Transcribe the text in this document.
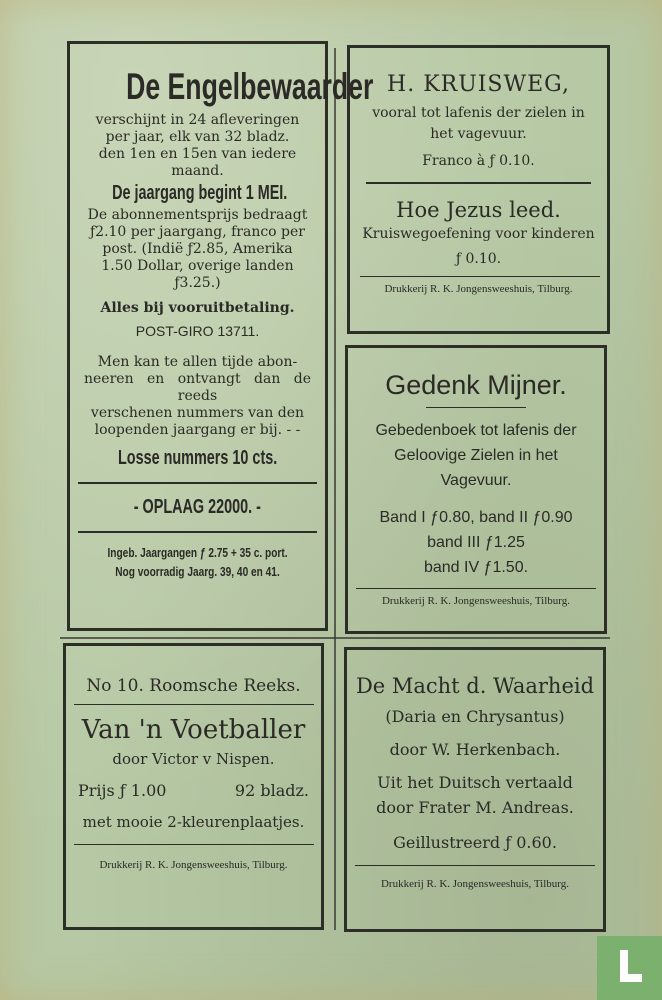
De Engelbewaarder

verschijnt in 24 afleveringen

per jaar, elk van 32 bladz.

den 1en en 15en van iedere maand.

De jaargang begint 1 MEI.

De abonnementsprijs bedraagt

ƒ2.10 per jaargang, franco per

post. (Indië ƒ2.85, Amerika

1.50 Dollar, overige landen

ƒ3.25.)

Alles bij vooruitbetaling.

POST-GIRO 13711.

Men kan te allen tijde abon-

neeren en ontvangt dan de reeds

verschenen nummers van den

loopenden jaargang er bij. - -

Losse nummers 10 cts.
- OPLAAG 22000. -
Ingeb. Jaargangen ƒ 2.75 + 35 c. port.
Nog voorradig Jaarg. 39, 40 en 41.
H. KRUISWEG,

vooral tot lafenis der zielen in

het vagevuur.

Franco à ƒ 0.10.

Hoe Jezus leed.

Kruiswegoefening voor kinderen

ƒ 0.10.

Drukkerij R. K. Jongensweeshuis, Tilburg.
Gedenk Mijner.

Gebedenboek tot lafenis der

Geloovige Zielen in het

Vagevuur.

Band I ƒ0.80, band II ƒ0.90

band III ƒ1.25

band IV ƒ1.50.

Drukkerij R. K. Jongensweeshuis, Tilburg.
No 10. Roomsche Reeks.
Van 'n Voetballer

door Victor v Nispen.

Prijs ƒ 1.00	92 bladz.

met mooie 2-kleurenplaatjes.

Drukkerij R. K. Jongensweeshuis, Tilburg.
De Macht d. Waarheid

(Daria en Chrysantus)

door W. Herkenbach.

Uit het Duitsch vertaald

door Frater M. Andreas.

Geillustreerd ƒ 0.60.

Drukkerij R. K. Jongensweeshuis, Tilburg.
